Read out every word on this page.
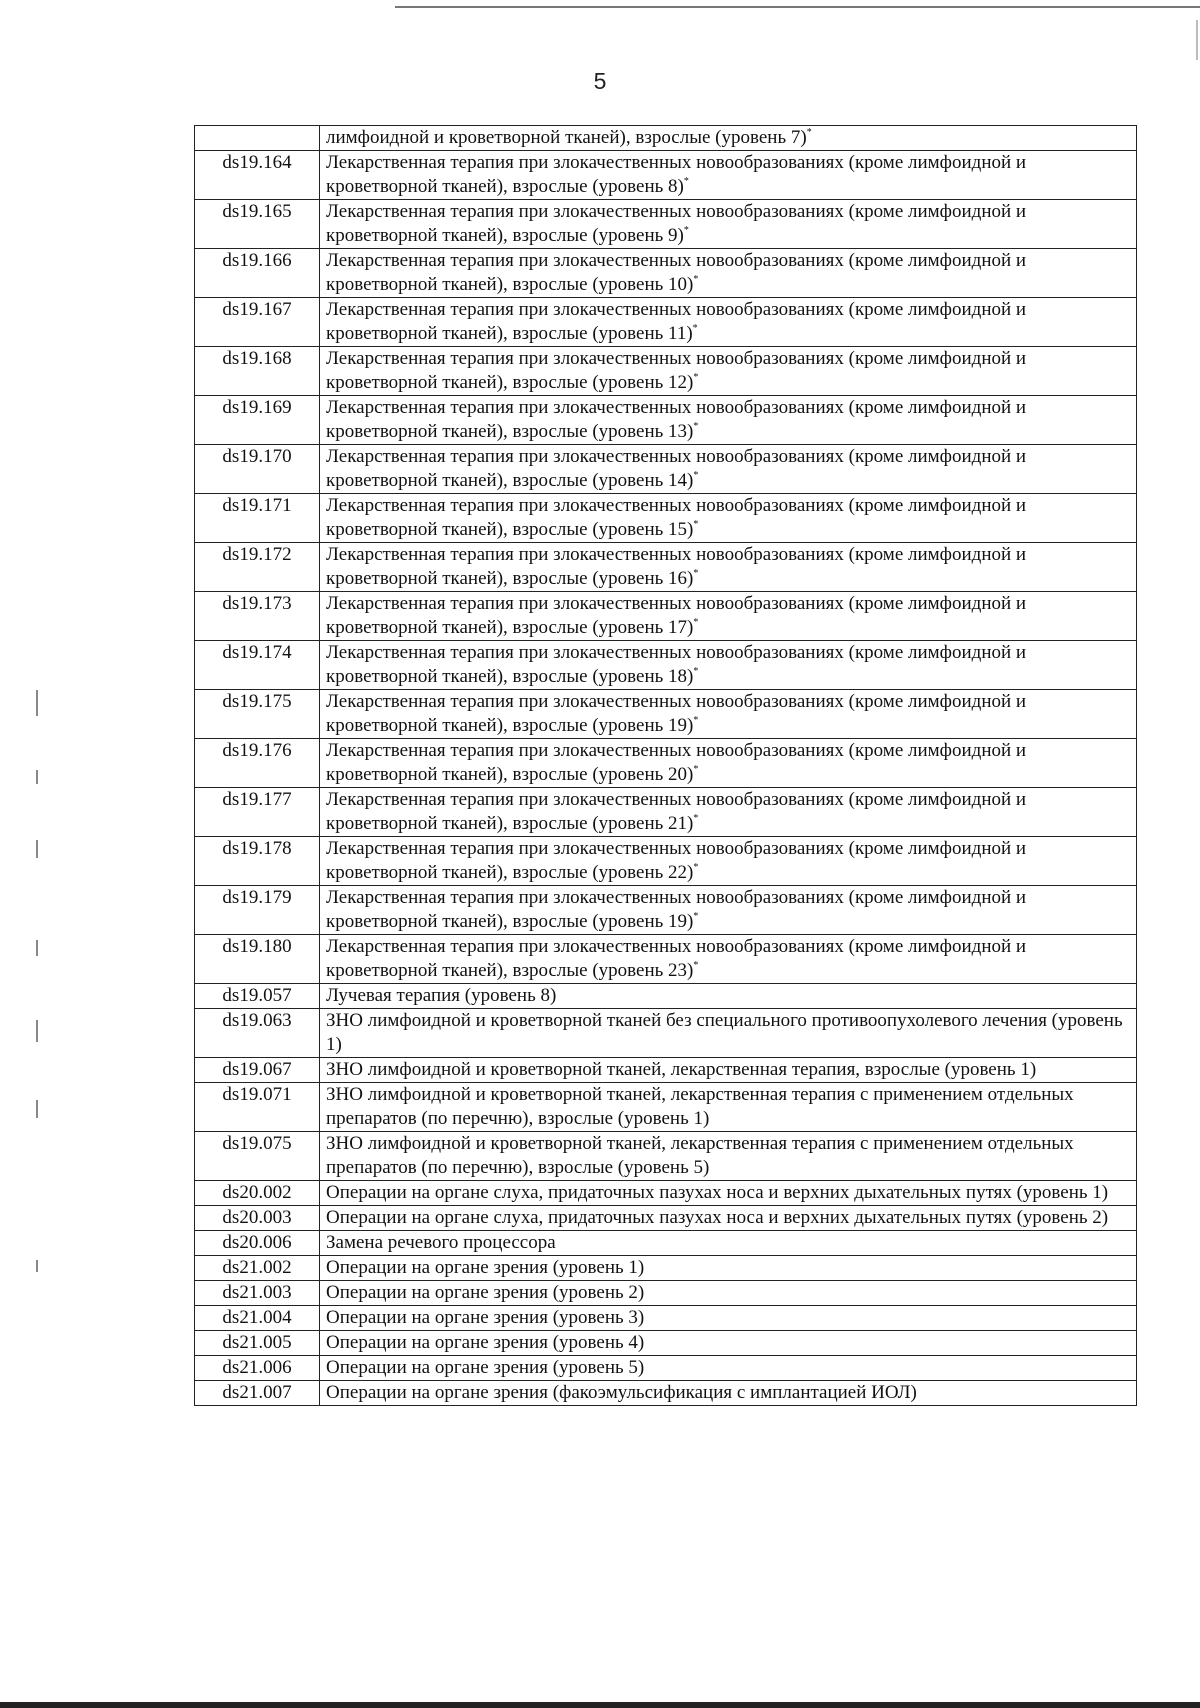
5
	лимфоидной и кроветворной тканей), взрослые (уровень 7)*
ds19.164	Лекарственная терапия при злокачественных новообразованиях (кроме лимфоидной и кроветворной тканей), взрослые (уровень 8)*
ds19.165	Лекарственная терапия при злокачественных новообразованиях (кроме лимфоидной и кроветворной тканей), взрослые (уровень 9)*
ds19.166	Лекарственная терапия при злокачественных новообразованиях (кроме лимфоидной и кроветворной тканей), взрослые (уровень 10)*
ds19.167	Лекарственная терапия при злокачественных новообразованиях (кроме лимфоидной и кроветворной тканей), взрослые (уровень 11)*
ds19.168	Лекарственная терапия при злокачественных новообразованиях (кроме лимфоидной и кроветворной тканей), взрослые (уровень 12)*
ds19.169	Лекарственная терапия при злокачественных новообразованиях (кроме лимфоидной и кроветворной тканей), взрослые (уровень 13)*
ds19.170	Лекарственная терапия при злокачественных новообразованиях (кроме лимфоидной и кроветворной тканей), взрослые (уровень 14)*
ds19.171	Лекарственная терапия при злокачественных новообразованиях (кроме лимфоидной и кроветворной тканей), взрослые (уровень 15)*
ds19.172	Лекарственная терапия при злокачественных новообразованиях (кроме лимфоидной и кроветворной тканей), взрослые (уровень 16)*
ds19.173	Лекарственная терапия при злокачественных новообразованиях (кроме лимфоидной и кроветворной тканей), взрослые (уровень 17)*
ds19.174	Лекарственная терапия при злокачественных новообразованиях (кроме лимфоидной и кроветворной тканей), взрослые (уровень 18)*
ds19.175	Лекарственная терапия при злокачественных новообразованиях (кроме лимфоидной и кроветворной тканей), взрослые (уровень 19)*
ds19.176	Лекарственная терапия при злокачественных новообразованиях (кроме лимфоидной и кроветворной тканей), взрослые (уровень 20)*
ds19.177	Лекарственная терапия при злокачественных новообразованиях (кроме лимфоидной и кроветворной тканей), взрослые (уровень 21)*
ds19.178	Лекарственная терапия при злокачественных новообразованиях (кроме лимфоидной и кроветворной тканей), взрослые (уровень 22)*
ds19.179	Лекарственная терапия при злокачественных новообразованиях (кроме лимфоидной и кроветворной тканей), взрослые (уровень 19)*
ds19.180	Лекарственная терапия при злокачественных новообразованиях (кроме лимфоидной и кроветворной тканей), взрослые (уровень 23)*
ds19.057	Лучевая терапия (уровень 8)
ds19.063	ЗНО лимфоидной и кроветворной тканей без специального противоопухолевого лечения (уровень 1)
ds19.067	ЗНО лимфоидной и кроветворной тканей, лекарственная терапия, взрослые (уровень 1)
ds19.071	ЗНО лимфоидной и кроветворной тканей, лекарственная терапия с применением отдельных препаратов (по перечню), взрослые (уровень 1)
ds19.075	ЗНО лимфоидной и кроветворной тканей, лекарственная терапия с применением отдельных препаратов (по перечню), взрослые (уровень 5)
ds20.002	Операции на органе слуха, придаточных пазухах носа и верхних дыхательных путях (уровень 1)
ds20.003	Операции на органе слуха, придаточных пазухах носа и верхних дыхательных путях (уровень 2)
ds20.006	Замена речевого процессора
ds21.002	Операции на органе зрения (уровень 1)
ds21.003	Операции на органе зрения (уровень 2)
ds21.004	Операции на органе зрения (уровень 3)
ds21.005	Операции на органе зрения (уровень 4)
ds21.006	Операции на органе зрения (уровень 5)
ds21.007	Операции на органе зрения (факоэмульсификация с имплантацией ИОЛ)
